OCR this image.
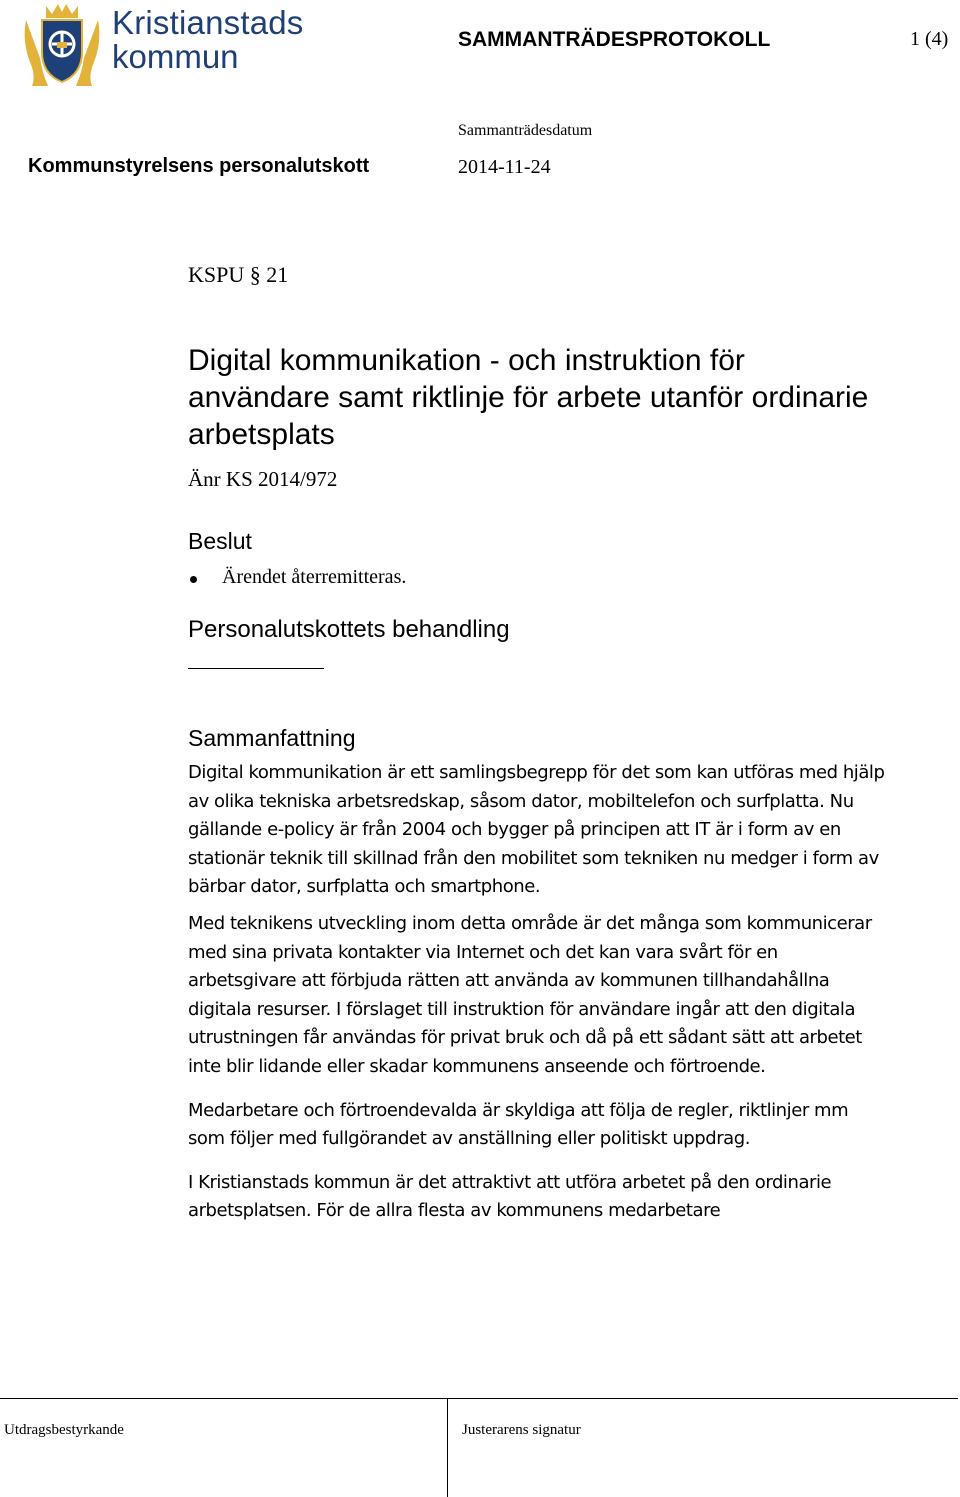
Kristianstads
kommun	SAMMANTRÄDESPROTOKOLL	1 (4)
Sammanträdesdatum
Kommunstyrelsens personalutskott	2014-11-24
KSPU § 21
Digital kommunikation - och instruktion för användare samt riktlinje för arbete utanför ordinarie arbetsplats
Änr KS 2014/972
Beslut
Ärendet återremitteras.
Personalutskottets behandling
Sammanfattning

Digital kommunikation är ett samlingsbegrepp för det som kan utföras med hjälp av olika tekniska arbetsredskap, såsom dator, mobiltelefon och surfplatta. Nu gällande e-policy är från 2004 och bygger på principen att IT är i form av en stationär teknik till skillnad från den mobilitet som tekniken nu medger i form av bärbar dator, surfplatta och smartphone.

Med teknikens utveckling inom detta område är det många som kommunicerar med sina privata kontakter via Internet och det kan vara svårt för en arbetsgivare att förbjuda rätten att använda av kommunen tillhandahållna digitala resurser. I förslaget till instruktion för användare ingår att den digitala utrustningen får användas för privat bruk och då på ett sådant sätt att arbetet inte blir lidande eller skadar kommunens anseende och förtroende.

Medarbetare och förtroendevalda är skyldiga att följa de regler, riktlinjer mm som följer med fullgörandet av anställning eller politiskt uppdrag.

I Kristianstads kommun är det attraktivt att utföra arbetet på den ordinarie arbetsplatsen. För de allra flesta av kommunens medarbetare

Utdragsbestyrkande	Justerarens signatur
